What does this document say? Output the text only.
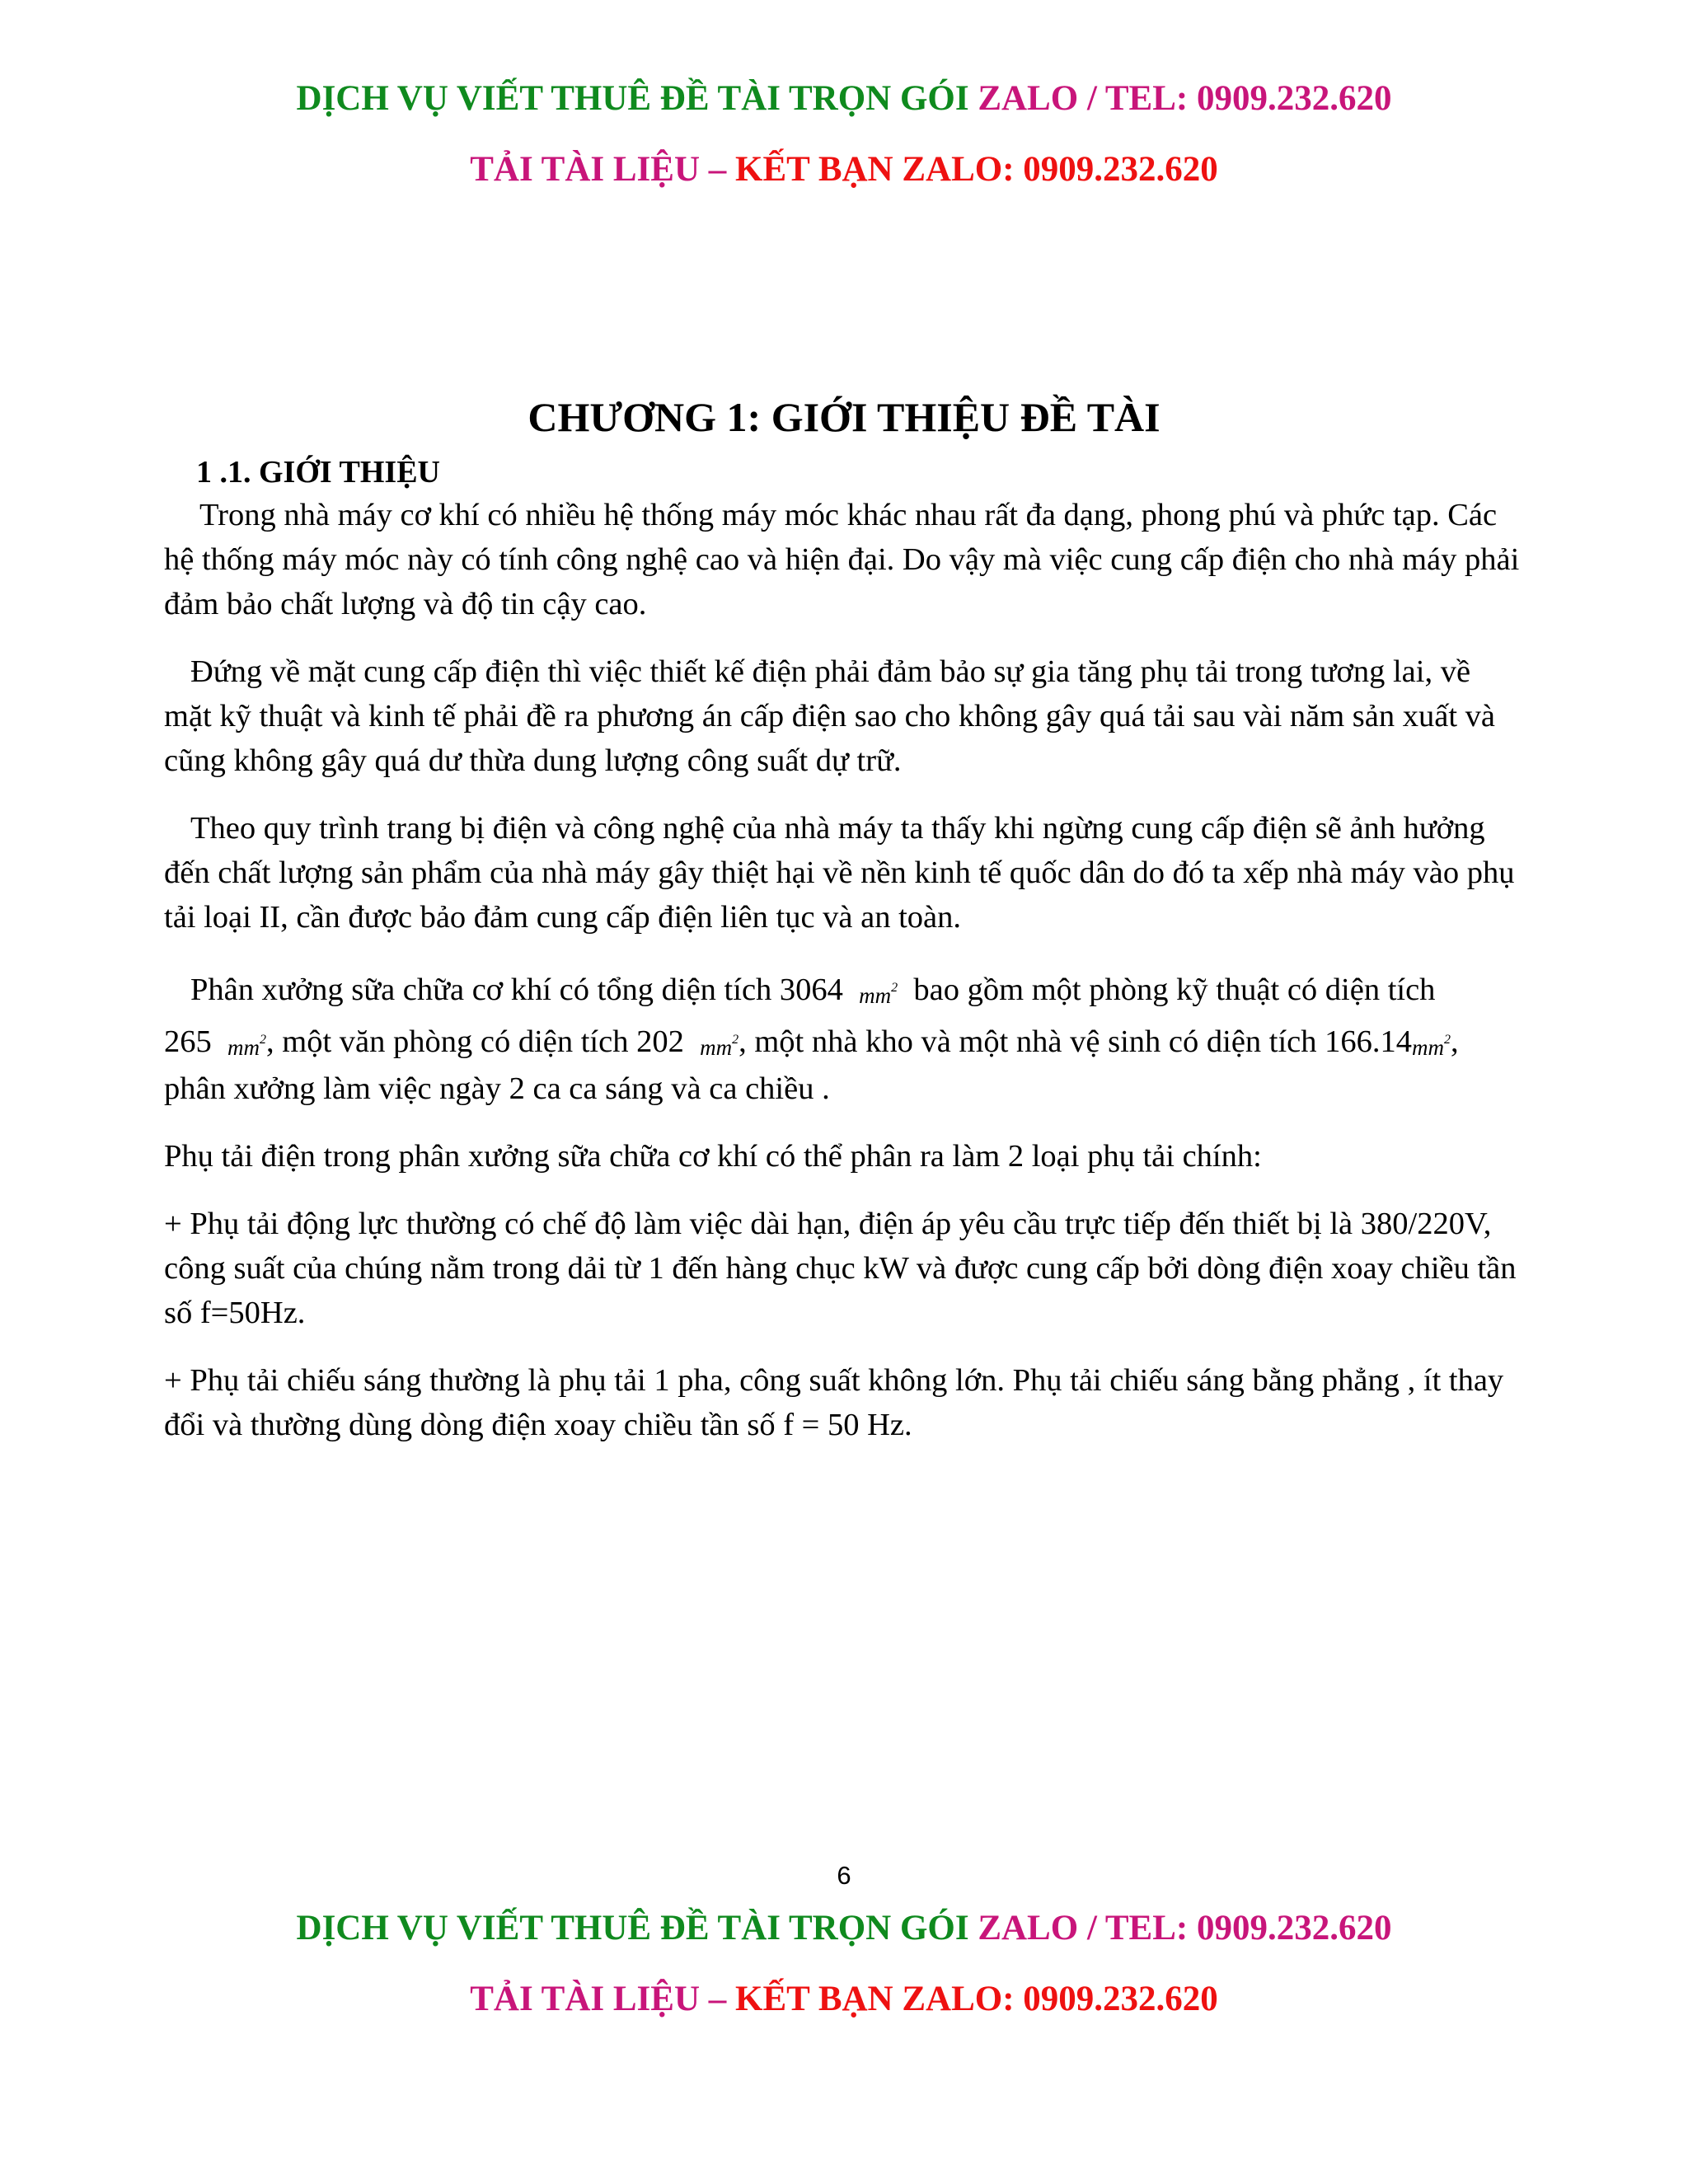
DỊCH VỤ VIẾT THUÊ ĐỀ TÀI TRỌN GÓI ZALO / TEL: 0909.232.620
TẢI TÀI LIỆU – KẾT BẠN ZALO: 0909.232.620
CHƯƠNG 1: GIỚI THIỆU ĐỀ TÀI
1 .1. GIỚI THIỆU

Trong nhà máy cơ khí có nhiều hệ thống máy móc khác nhau rất đa dạng, phong phú và phức tạp. Các hệ thống máy móc này có tính công nghệ cao và hiện đại. Do vậy mà việc cung cấp điện cho nhà máy phải đảm bảo chất lượng và độ tin cậy cao.

Đứng về mặt cung cấp điện thì việc thiết kế điện phải đảm bảo sự gia tăng phụ tải trong tương lai, về mặt kỹ thuật và kinh tế phải đề ra phương án cấp điện sao cho không gây quá tải sau vài năm sản xuất và cũng không gây quá dư thừa dung lượng công suất dự trữ.

Theo quy trình trang bị điện và công nghệ của nhà máy ta thấy khi ngừng cung cấp điện sẽ ảnh hưởng đến chất lượng sản phẩm của nhà máy gây thiệt hại về nền kinh tế quốc dân do đó ta xếp nhà máy vào phụ tải loại II, cần được bảo đảm cung cấp điện liên tục và an toàn.

Phân xưởng sữa chữa cơ khí có tổng diện tích 3064 $mm^2$ bao gồm một phòng kỹ thuật có diện tích 265 $mm^2$, một văn phòng có diện tích 202 $mm^2$, một nhà kho và một nhà vệ sinh có diện tích $166.14mm^2$, phân xưởng làm việc ngày 2 ca ca sáng và ca chiều .

Phụ tải điện trong phân xưởng sữa chữa cơ khí có thể phân ra làm 2 loại phụ tải chính:

+ Phụ tải động lực thường có chế độ làm việc dài hạn, điện áp yêu cầu trực tiếp đến thiết bị là 380/220V, công suất của chúng nằm trong dải từ 1 đến hàng chục kW và được cung cấp bởi dòng điện xoay chiều tần số f=50Hz.

+ Phụ tải chiếu sáng thường là phụ tải 1 pha, công suất không lớn. Phụ tải chiếu sáng bằng phẳng , ít thay đổi và thường dùng dòng điện xoay chiều tần số f = 50 Hz.

6
DỊCH VỤ VIẾT THUÊ ĐỀ TÀI TRỌN GÓI ZALO / TEL: 0909.232.620
TẢI TÀI LIỆU – KẾT BẠN ZALO: 0909.232.620
